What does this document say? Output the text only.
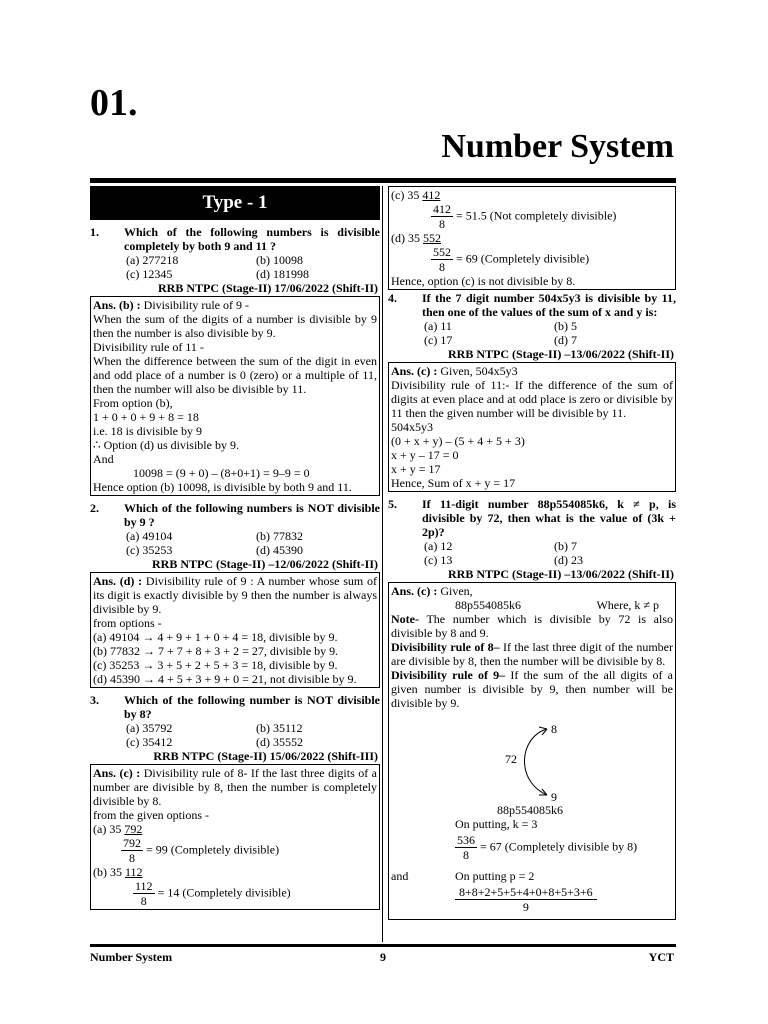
01.
Number System
Type - 1
1. Which of the following numbers is divisible completely by both 9 and 11 ?
(a) 277218	(b) 10098
(c) 12345	(d) 181998
RRB NTPC (Stage-II) 17/06/2022 (Shift-II)
Ans. (b) : Divisibility rule of 9 -
When the sum of the digits of a number is divisible by 9 then the number is also divisible by 9.
Divisibility rule of 11 -
When the difference between the sum of the digit in even and odd place of a number is 0 (zero) or a multiple of 11, then the number will also be divisible by 11.
From option (b),
1 + 0 + 0 + 9 + 8 = 18
i.e. 18 is divisible by 9
∴ Option (d) us divisible by 9.
And
10098 = (9 + 0) – (8+0+1) = 9–9 = 0
Hence option (b) 10098, is divisible by both 9 and 11.
2. Which of the following numbers is NOT divisible by 9 ?
(a) 49104	(b) 77832
(c) 35253	(d) 45390
RRB NTPC (Stage-II) –12/06/2022 (Shift-II)
Ans. (d) : Divisibility rule of 9 : A number whose sum of its digit is exactly divisible by 9 then the number is always divisible by 9.
from options -
(a) 49104 → 4 + 9 + 1 + 0 + 4 = 18, divisible by 9.
(b) 77832 → 7 + 7 + 8 + 3 + 2 = 27, divisible by 9.
(c) 35253 → 3 + 5 + 2 + 5 + 3 = 18, divisible by 9.
(d) 45390 → 4 + 5 + 3 + 9 + 0 = 21, not divisible by 9.
3. Which of the following number is NOT divisible by 8?
(a) 35792	(b) 35112
(c) 35412	(d) 35552
RRB NTPC (Stage-II) 15/06/2022 (Shift-III)
Ans. (c) : Divisibility rule of 8- If the last three digits of a number are divisible by 8, then the number is completely divisible by 8.
from the given options -
(a) 35 792
$\frac{792}{8} = 99$ (Completely divisible)
(b) 35 112
$\frac{112}{8} = 14$ (Completely divisible)
(c) 35 412
$\frac{412}{8} = 51.5$ (Not completely divisible)
(d) 35 552
$\frac{552}{8} = 69$ (Completely divisible)
Hence, option (c) is not divisible by 8.
4. If the 7 digit number 504x5y3 is divisible by 11, then one of the values of the sum of x and y is:
(a) 11	(b) 5
(c) 17	(d) 7
RRB NTPC (Stage-II) –13/06/2022 (Shift-II)
Ans. (c) : Given, 504x5y3
Divisibility rule of 11:- If the difference of the sum of digits at even place and at odd place is zero or divisible by 11 then the given number will be divisible by 11.
504x5y3
(0 + x + y) – (5 + 4 + 5 + 3)
x + y – 17 = 0
x + y = 17
Hence, Sum of x + y = 17
5. If 11-digit number 88p554085k6, k ≠ p, is divisible by 72, then what is the value of (3k + 2p)?
(a) 12	(b) 7
(c) 13	(d) 23
RRB NTPC (Stage-II) –13/06/2022 (Shift-II)
Ans. (c) : Given,
88p554085k6	Where, k ≠ p
Note- The number which is divisible by 72 is also divisible by 8 and 9.
Divisibility rule of 8– If the last three digit of the number are divisible by 8, then the number will be divisible by 8.
Divisibility rule of 9– If the sum of the all digits of a given number is divisible by 9, then number will be divisible by 9.
8
72
9
88p554085k6
On putting, k = 3
$\frac{536}{8} = 67$ (Completely divisible by 8)
and	On putting p = 2
$\frac{8+8+2+5+5+4+0+8+5+3+6}{9}$
Number System	9	YCT
